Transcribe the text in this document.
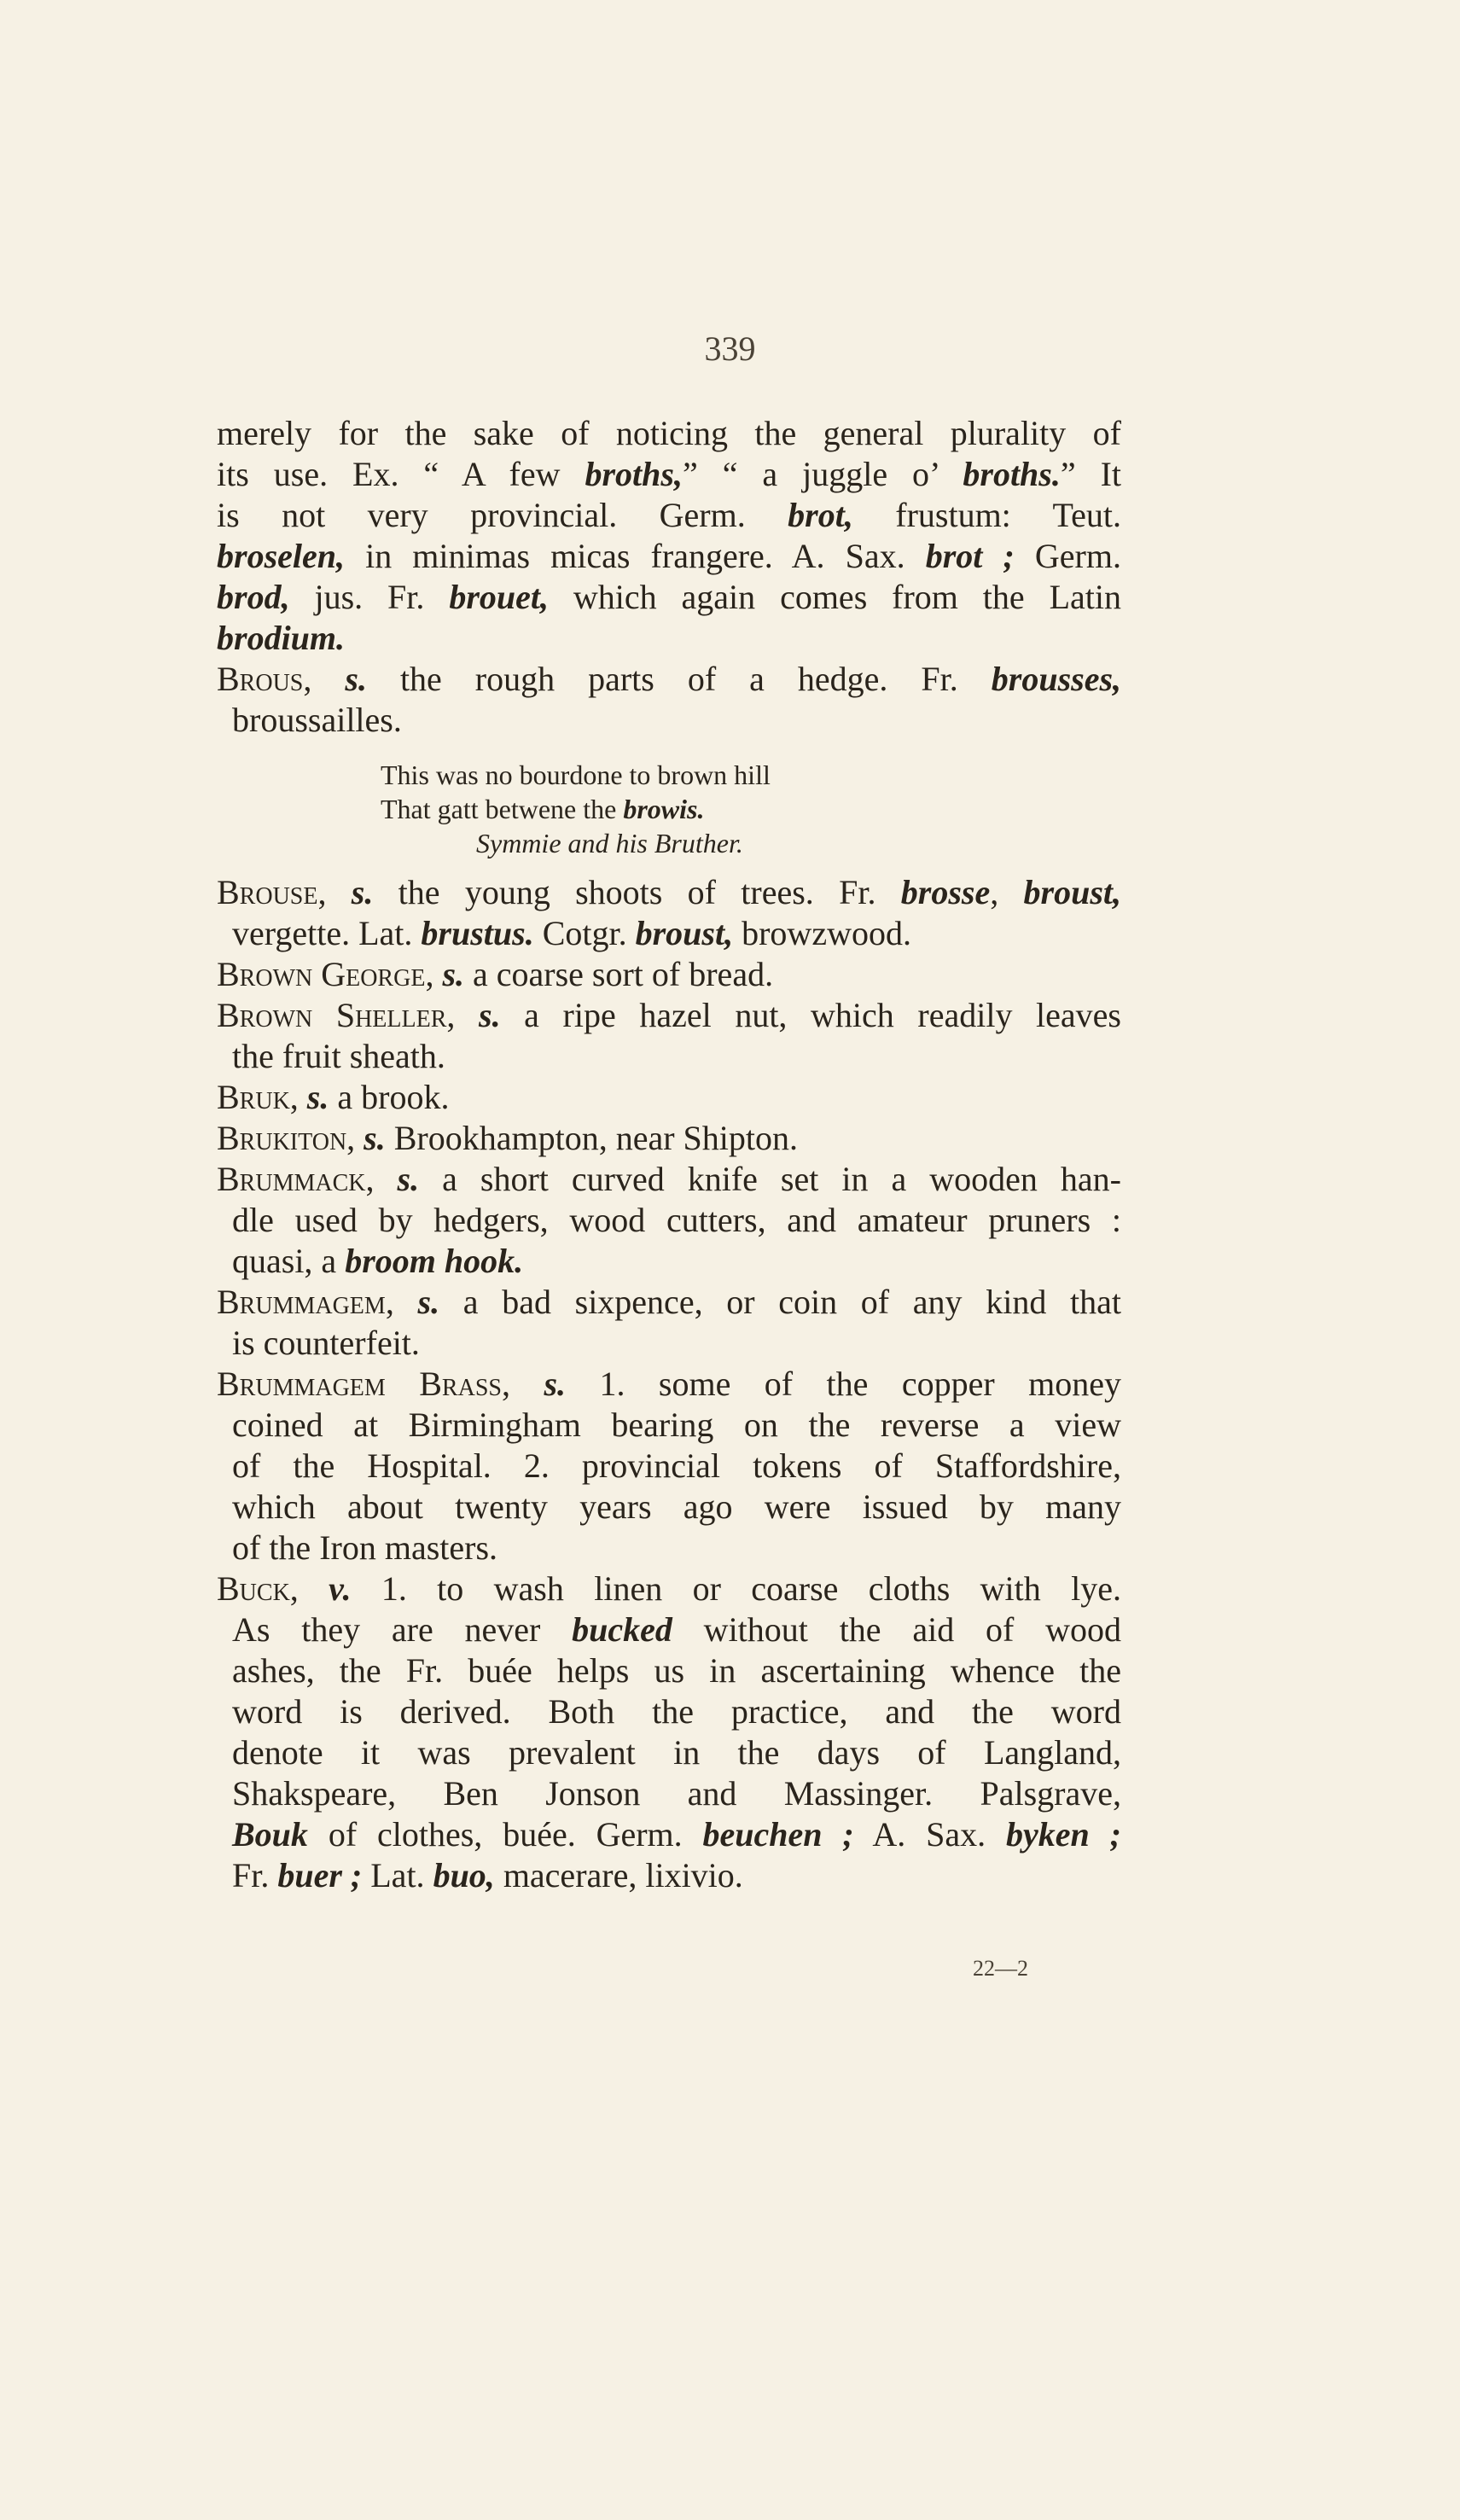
339
merely for the sake of noticing the general plurality of
its use. Ex. “ A few broths,” “ a juggle o’ broths.” It
is not very provincial. Germ. brot, frustum: Teut.
broselen, in minimas micas frangere. A. Sax. brot ; Germ.
brod, jus. Fr. brouet, which again comes from the Latin
brodium.
Brous, s. the rough parts of a hedge. Fr. brousses,
broussailles.
This was no bourdone to brown hill
That gatt betwene the browis.
Symmie and his Bruther.
Brouse, s. the young shoots of trees. Fr. brosse, broust,
vergette. Lat. brustus. Cotgr. broust, browzwood.
Brown George, s. a coarse sort of bread.
Brown Sheller, s. a ripe hazel nut, which readily leaves
the fruit sheath.
Bruk, s. a brook.
Brukiton, s. Brookhampton, near Shipton.
Brummack, s. a short curved knife set in a wooden han-
dle used by hedgers, wood cutters, and amateur pruners :
quasi, a broom hook.
Brummagem, s. a bad sixpence, or coin of any kind that
is counterfeit.
Brummagem Brass, s. 1. some of the copper money
coined at Birmingham bearing on the reverse a view
of the Hospital. 2. provincial tokens of Staffordshire,
which about twenty years ago were issued by many
of the Iron masters.
Buck, v. 1. to wash linen or coarse cloths with lye.
As they are never bucked without the aid of wood
ashes, the Fr. buée helps us in ascertaining whence the
word is derived. Both the practice, and the word
denote it was prevalent in the days of Langland,
Shakspeare, Ben Jonson and Massinger. Palsgrave,
Bouk of clothes, buée. Germ. beuchen ; A. Sax. byken ;
Fr. buer ; Lat. buo, macerare, lixivio.
22—2
